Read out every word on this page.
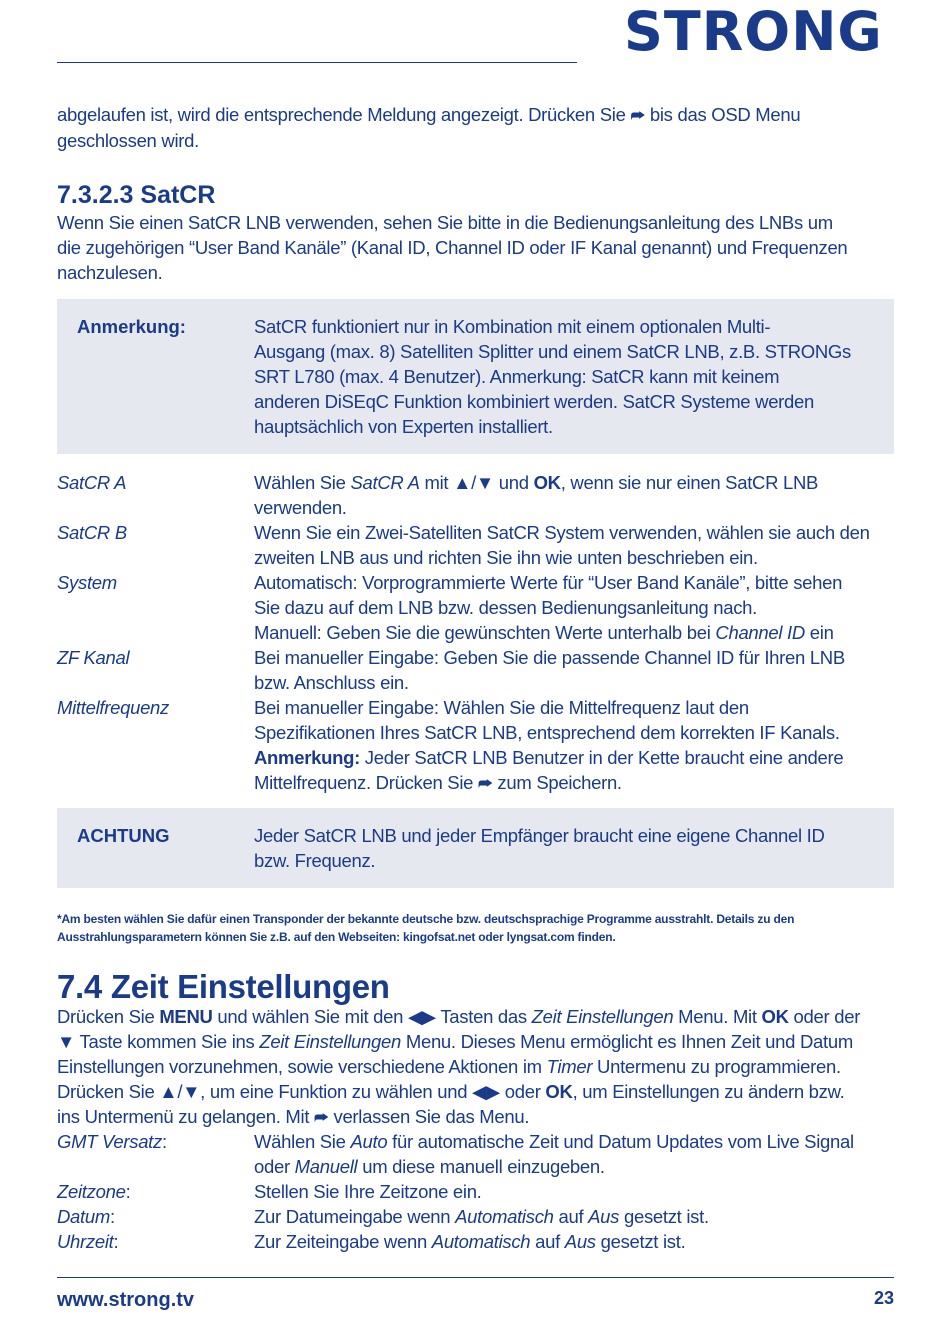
STRONG
abgelaufen ist, wird die entsprechende Meldung angezeigt. Drücken Sie ⮫ bis das OSD Menu
geschlossen wird.
7.3.2.3 SatCR
Wenn Sie einen SatCR LNB verwenden, sehen Sie bitte in die Bedienungsanleitung des LNBs um
die zugehörigen “User Band Kanäle” (Kanal ID, Channel ID oder IF Kanal genannt) und Frequenzen
nachzulesen.
Anmerkung:	SatCR funktioniert nur in Kombination mit einem optionalen Multi-
Ausgang (max. 8) Satelliten Splitter und einem SatCR LNB, z.B. STRONGs
SRT L780 (max. 4 Benutzer). Anmerkung: SatCR kann mit keinem
anderen DiSEqC Funktion kombiniert werden. SatCR Systeme werden
hauptsächlich von Experten installiert.
SatCR A	Wählen Sie SatCR A mit ▲/▼ und OK, wenn sie nur einen SatCR LNB
verwenden.
SatCR B	Wenn Sie ein Zwei-Satelliten SatCR System verwenden, wählen sie auch den
zweiten LNB aus und richten Sie ihn wie unten beschrieben ein.
System	Automatisch: Vorprogrammierte Werte für “User Band Kanäle”, bitte sehen
Sie dazu auf dem LNB bzw. dessen Bedienungsanleitung nach.
Manuell: Geben Sie die gewünschten Werte unterhalb bei Channel ID ein
ZF Kanal	Bei manueller Eingabe: Geben Sie die passende Channel ID für Ihren LNB
bzw. Anschluss ein.
Mittelfrequenz	Bei manueller Eingabe: Wählen Sie die Mittelfrequenz laut den
Spezifikationen Ihres SatCR LNB, entsprechend dem korrekten IF Kanals.
Anmerkung: Jeder SatCR LNB Benutzer in der Kette braucht eine andere
Mittelfrequenz. Drücken Sie ⮫ zum Speichern.
ACHTUNG	Jeder SatCR LNB und jeder Empfänger braucht eine eigene Channel ID
bzw. Frequenz.
*Am besten wählen Sie dafür einen Transponder der bekannte deutsche bzw. deutschsprachige Programme ausstrahlt. Details zu den
Ausstrahlungsparametern können Sie z.B. auf den Webseiten: kingofsat.net oder lyngsat.com finden.
7.4 Zeit Einstellungen
Drücken Sie MENU und wählen Sie mit den ◀▶ Tasten das Zeit Einstellungen Menu. Mit OK oder der
▼ Taste kommen Sie ins Zeit Einstellungen Menu. Dieses Menu ermöglicht es Ihnen Zeit und Datum
Einstellungen vorzunehmen, sowie verschiedene Aktionen im Timer Untermenu zu programmieren.
Drücken Sie ▲/▼, um eine Funktion zu wählen und ◀▶ oder OK, um Einstellungen zu ändern bzw.
ins Untermenü zu gelangen. Mit ⮫ verlassen Sie das Menu.
GMT Versatz:	Wählen Sie Auto für automatische Zeit und Datum Updates vom Live Signal
oder Manuell um diese manuell einzugeben.
Zeitzone:	Stellen Sie Ihre Zeitzone ein.
Datum:	Zur Datumeingabe wenn Automatisch auf Aus gesetzt ist.
Uhrzeit:	Zur Zeiteingabe wenn Automatisch auf Aus gesetzt ist.
www.strong.tv	23
